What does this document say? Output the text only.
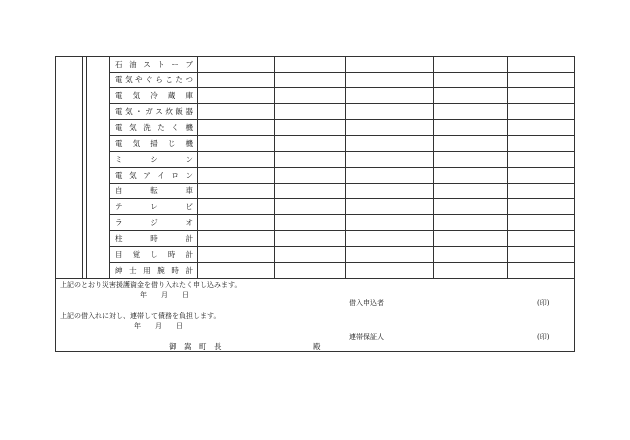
石 油 ス ト ー ブ
電 気 や ぐ ら こ た つ
電 気 冷 蔵 庫
電 気 ・ ガ ス 炊 飯 器
電 気 洗 た く 機
電 気 掃 じ 機
ミ	シ	ン
電 気 ア イ ロ ン
自	転	車
テ	レ	ビ
ラ	ジ	オ
柱	時	計
目 覚 し 時 計
紳 士 用 腕 時 計
上記のとおり災害援護資金を借り入れたく申し込みます。
年　　月　　日
借入申込者	(印)
上記の借入れに対し、連帯して債務を負担します。
年　　月　　日
連帯保証人	(印)
御　嵩　町　長	殿
